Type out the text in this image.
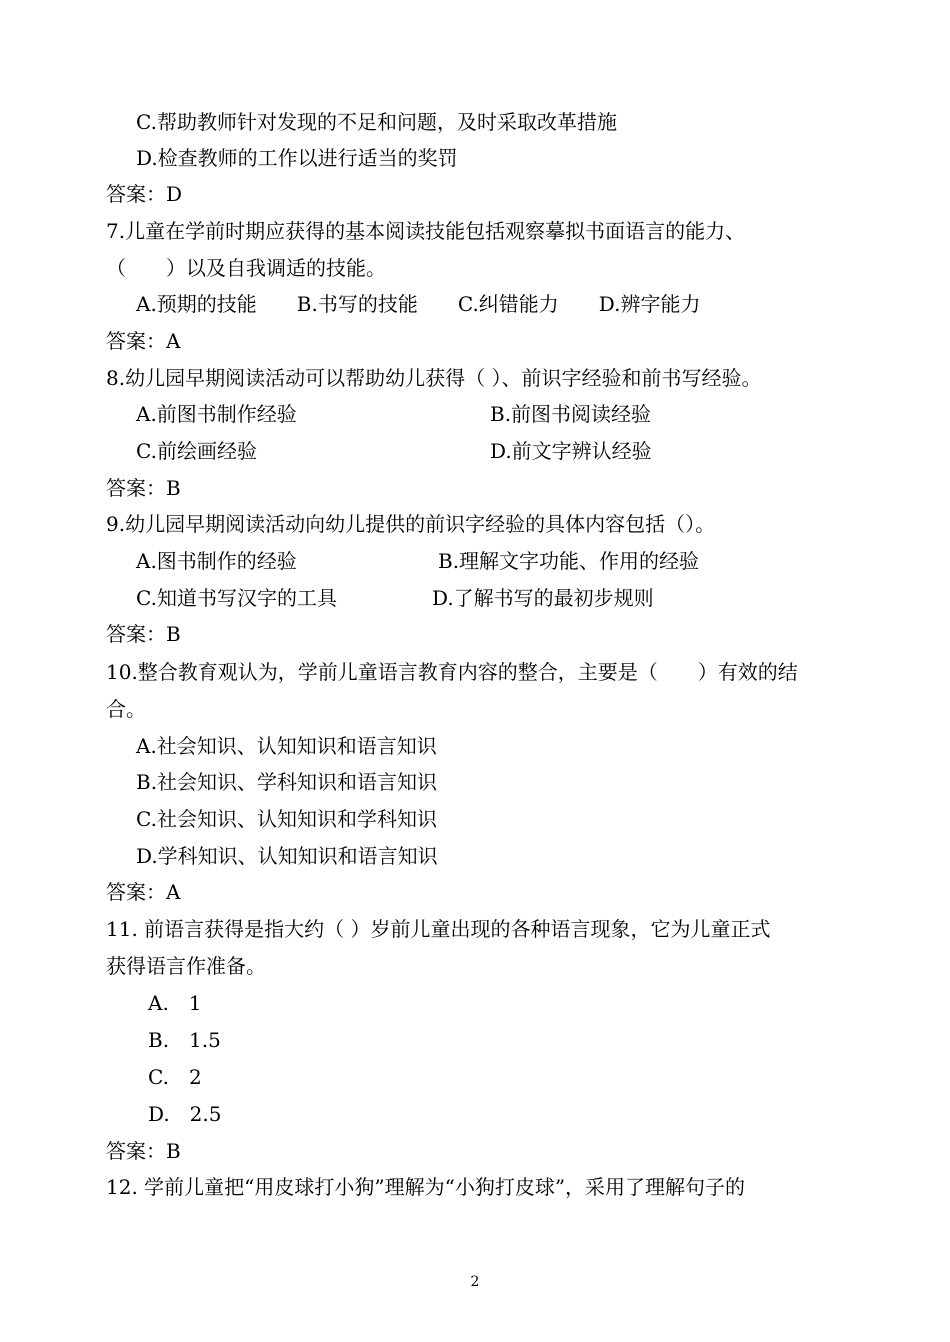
C.帮助教师针对发现的不足和问题，及时采取改革措施

D.检查教师的工作以进行适当的奖罚

答案：D

7.儿童在学前时期应获得的基本阅读技能包括观察摹拟书面语言的能力、

（　　）以及自我调适的技能。

A.预期的技能　　B.书写的技能　　C.纠错能力　　D.辨字能力

答案：A

8.幼儿园早期阅读活动可以帮助幼儿获得（ ）、前识字经验和前书写经验。

A.前图书制作经验	B.前图书阅读经验

C.前绘画经验	D.前文字辨认经验

答案：B

9.幼儿园早期阅读活动向幼儿提供的前识字经验的具体内容包括（）。

A.图书制作的经验	B.理解文字功能、作用的经验

C.知道书写汉字的工具	D.了解书写的最初步规则

答案：B

10.整合教育观认为，学前儿童语言教育内容的整合，主要是（　　）有效的结

合。

A.社会知识、认知知识和语言知识

B.社会知识、学科知识和语言知识

C.社会知识、认知知识和学科知识

D.学科知识、认知知识和语言知识

答案：A

11. 前语言获得是指大约（ ）岁前儿童出现的各种语言现象，它为儿童正式

获得语言作准备。

A.　1

B.　1.5

C.　2

D.　2.5

答案：B

12. 学前儿童把“用皮球打小狗”理解为“小狗打皮球”，采用了理解句子的

2
